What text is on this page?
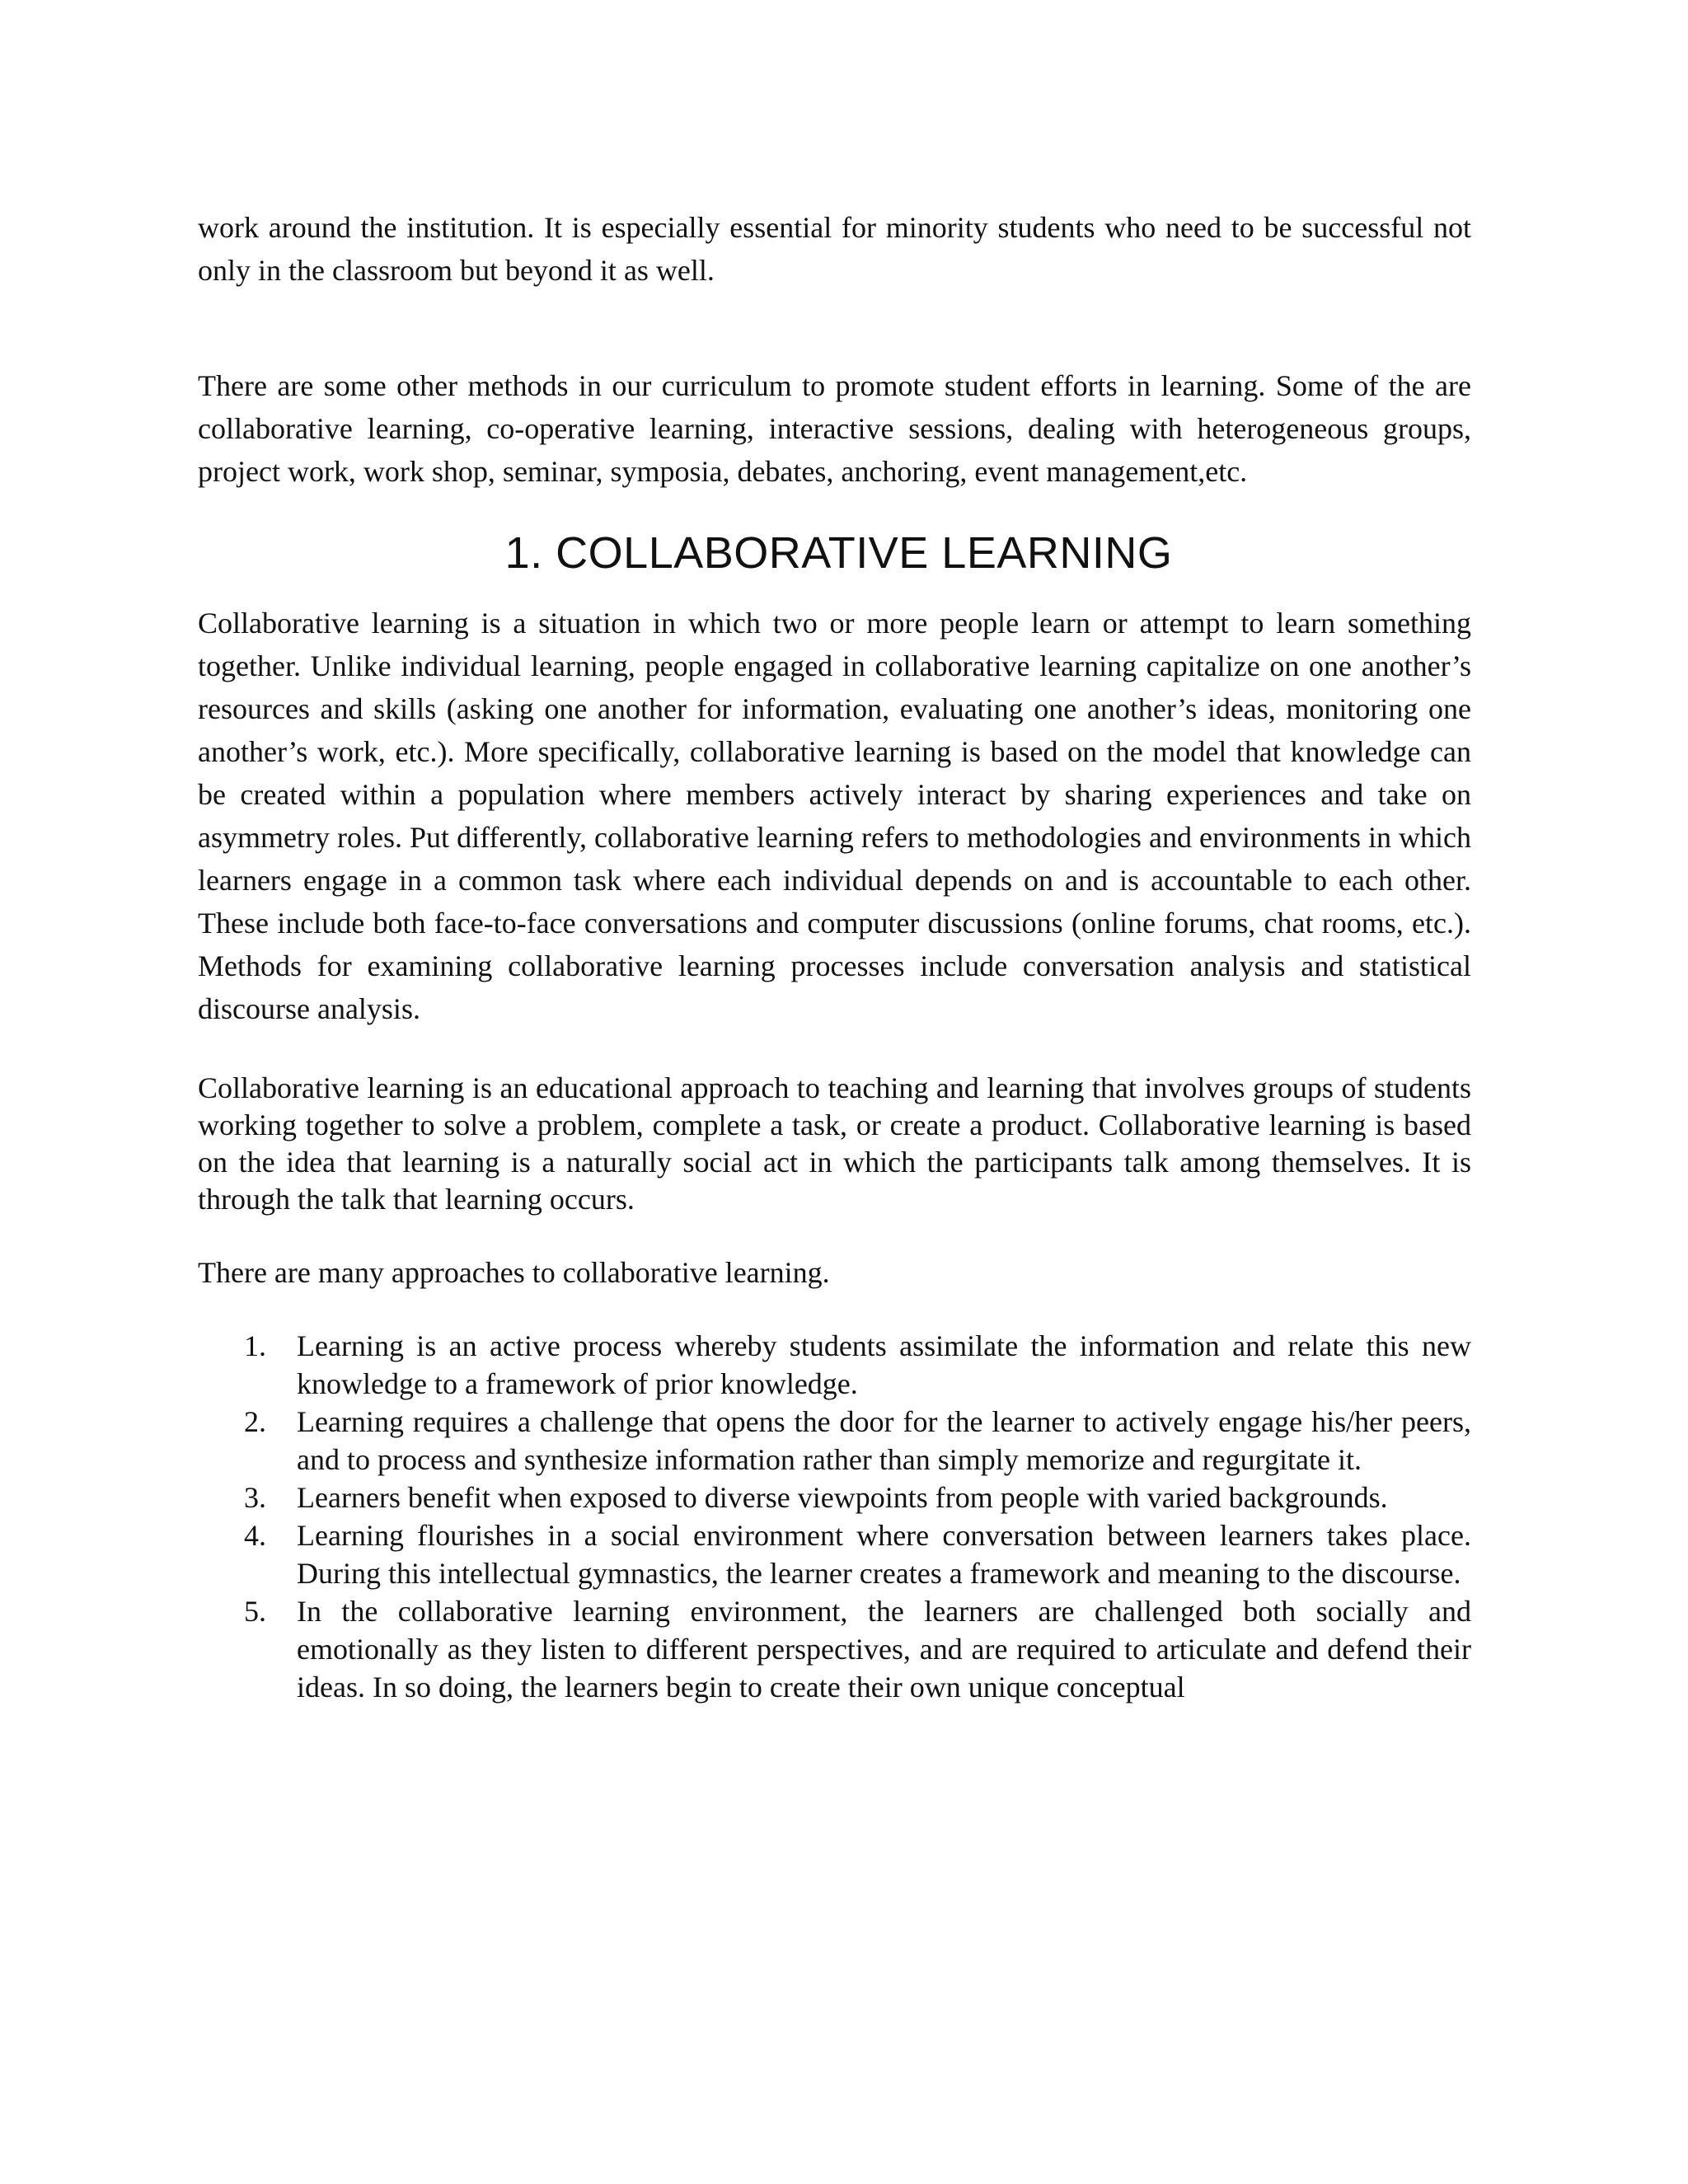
work around the institution. It is especially essential for minority students who need to be successful not only in the classroom but beyond it as well.

There are some other methods in our curriculum to promote student efforts in learning. Some of the are collaborative learning, co-operative learning, interactive sessions, dealing with heterogeneous groups, project work, work shop, seminar, symposia, debates, anchoring, event management,etc.

1. COLLABORATIVE LEARNING

Collaborative learning is a situation in which two or more people learn or attempt to learn something together. Unlike individual learning, people engaged in collaborative learning capitalize on one another’s resources and skills (asking one another for information, evaluating one another’s ideas, monitoring one another’s work, etc.). More specifically, collaborative learning is based on the model that knowledge can be created within a population where members actively interact by sharing experiences and take on asymmetry roles. Put differently, collaborative learning refers to methodologies and environments in which learners engage in a common task where each individual depends on and is accountable to each other. These include both face-to-face conversations and computer discussions (online forums, chat rooms, etc.). Methods for examining collaborative learning processes include conversation analysis and statistical discourse analysis.

Collaborative learning is an educational approach to teaching and learning that involves groups of students working together to solve a problem, complete a task, or create a product. Collaborative learning is based on the idea that learning is a naturally social act in which the participants talk among themselves. It is through the talk that learning occurs.

There are many approaches to collaborative learning.

1. Learning is an active process whereby students assimilate the information and relate this new knowledge to a framework of prior knowledge.
2. Learning requires a challenge that opens the door for the learner to actively engage his/her peers, and to process and synthesize information rather than simply memorize and regurgitate it.
3. Learners benefit when exposed to diverse viewpoints from people with varied backgrounds.
4. Learning flourishes in a social environment where conversation between learners takes place. During this intellectual gymnastics, the learner creates a framework and meaning to the discourse.
5. In the collaborative learning environment, the learners are challenged both socially and emotionally as they listen to different perspectives, and are required to articulate and defend their ideas. In so doing, the learners begin to create their own unique conceptual
